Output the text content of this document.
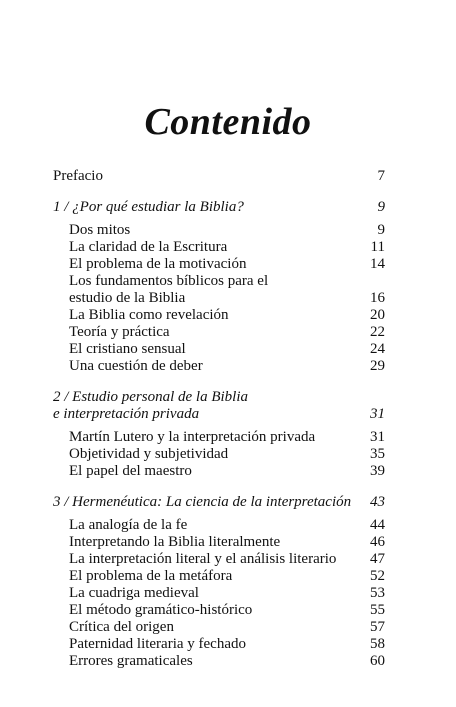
Contenido
Prefacio	7
1 / ¿Por qué estudiar la Biblia?	9
Dos mitos	9
La claridad de la Escritura	11
El problema de la motivación	14
Los fundamentos bíblicos para el
estudio de la Biblia	16
La Biblia como revelación	20
Teoría y práctica	22
El cristiano sensual	24
Una cuestión de deber	29
2 / Estudio personal de la Biblia
e interpretación privada	31
Martín Lutero y la interpretación privada	31
Objetividad y subjetividad	35
El papel del maestro	39
3 / Hermenéutica: La ciencia de la interpretación	43
La analogía de la fe	44
Interpretando la Biblia literalmente	46
La interpretación literal y el análisis literario	47
El problema de la metáfora	52
La cuadriga medieval	53
El método gramático-histórico	55
Crítica del origen	57
Paternidad literaria y fechado	58
Errores gramaticales	60
